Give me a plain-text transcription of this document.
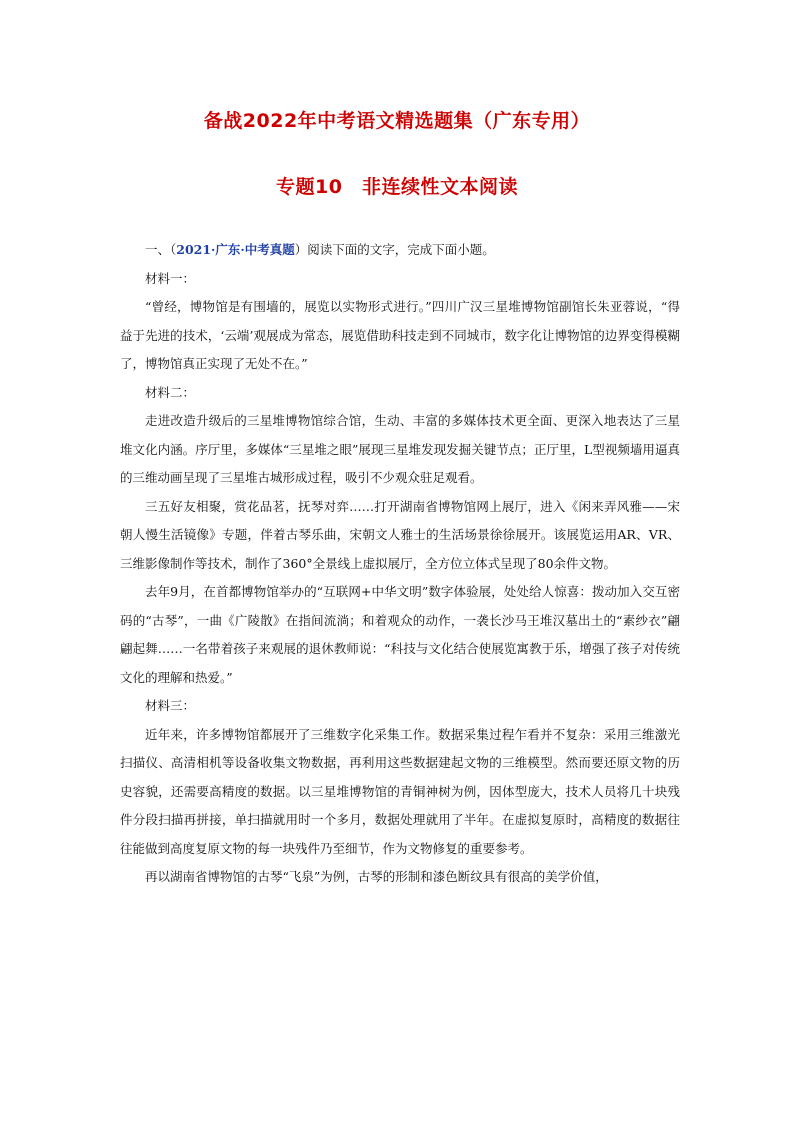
备战2022年中考语文精选题集（广东专用）
专题10　非连续性文本阅读

一、（2021·广东·中考真题）阅读下面的文字，完成下面小题。

材料一：

“曾经，博物馆是有围墙的，展览以实物形式进行。”四川广汉三星堆博物馆副馆长朱亚蓉说，“得益于先进的技术，‘云端’观展成为常态，展览借助科技走到不同城市，数字化让博物馆的边界变得模糊了，博物馆真正实现了无处不在。”

材料二：

走进改造升级后的三星堆博物馆综合馆，生动、丰富的多媒体技术更全面、更深入地表达了三星堆文化内涵。序厅里，多媒体“三星堆之眼”展现三星堆发现发掘关键节点；正厅里，L型视频墙用逼真的三维动画呈现了三星堆古城形成过程，吸引不少观众驻足观看。

三五好友相聚，赏花品茗，抚琴对弈……打开湖南省博物馆网上展厅，进入《闲来弄风雅——宋朝人慢生活镜像》专题，伴着古琴乐曲，宋朝文人雅士的生活场景徐徐展开。该展览运用AR、VR、三维影像制作等技术，制作了360°全景线上虚拟展厅，全方位立体式呈现了80余件文物。

去年9月，在首都博物馆举办的“互联网+中华文明”数字体验展，处处给人惊喜：拨动加入交互密码的“古琴”，一曲《广陵散》在指间流淌；和着观众的动作，一袭长沙马王堆汉墓出土的“素纱衣”翩翩起舞……一名带着孩子来观展的退休教师说：“科技与文化结合使展览寓教于乐，增强了孩子对传统文化的理解和热爱。”

材料三：

近年来，许多博物馆都展开了三维数字化采集工作。数据采集过程乍看并不复杂：采用三维激光扫描仪、高清相机等设备收集文物数据，再利用这些数据建起文物的三维模型。然而要还原文物的历史容貌，还需要高精度的数据。以三星堆博物馆的青铜神树为例，因体型庞大，技术人员将几十块残件分段扫描再拼接，单扫描就用时一个多月，数据处理就用了半年。在虚拟复原时，高精度的数据往往能做到高度复原文物的每一块残件乃至细节，作为文物修复的重要参考。

再以湖南省博物馆的古琴“飞泉”为例，古琴的形制和漆色断纹具有很高的美学价值，
